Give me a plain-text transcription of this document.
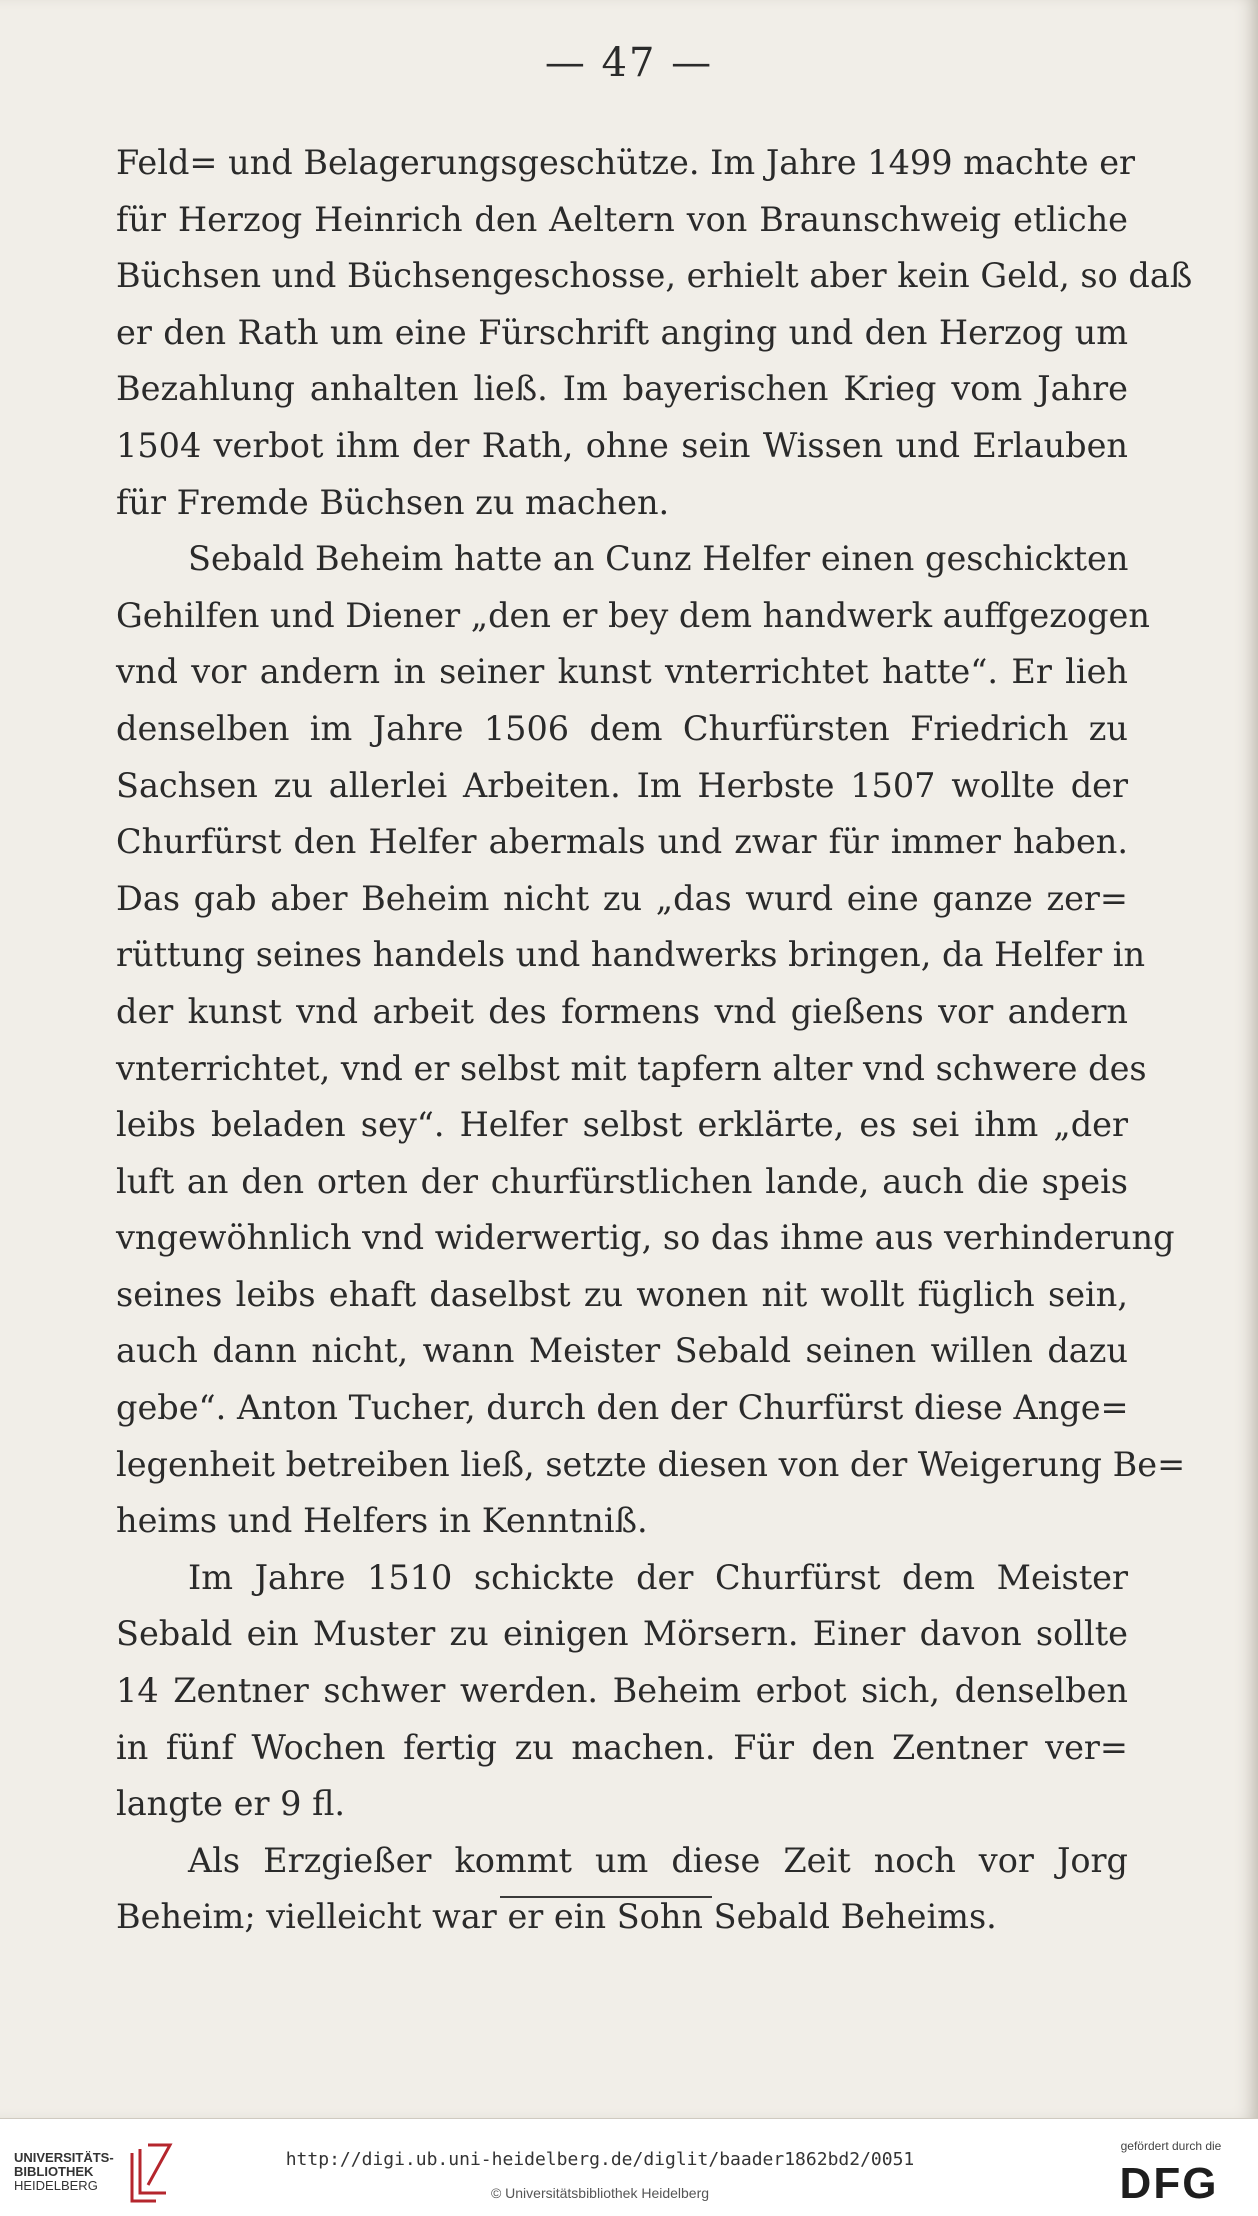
— 47 —
Feld= und Belagerungsgeschütze. Im Jahre 1499 machte er
für Herzog Heinrich den Aeltern von Braunschweig etliche
Büchsen und Büchsengeschosse, erhielt aber kein Geld, so daß
er den Rath um eine Fürschrift anging und den Herzog um
Bezahlung anhalten ließ. Im bayerischen Krieg vom Jahre
1504 verbot ihm der Rath, ohne sein Wissen und Erlauben
für Fremde Büchsen zu machen.
Sebald Beheim hatte an Cunz Helfer einen geschickten
Gehilfen und Diener „den er bey dem handwerk auffgezogen
vnd vor andern in seiner kunst vnterrichtet hatte“. Er lieh
denselben im Jahre 1506 dem Churfürsten Friedrich zu
Sachsen zu allerlei Arbeiten. Im Herbste 1507 wollte der
Churfürst den Helfer abermals und zwar für immer haben.
Das gab aber Beheim nicht zu „das wurd eine ganze zer=
rüttung seines handels und handwerks bringen, da Helfer in
der kunst vnd arbeit des formens vnd gießens vor andern
vnterrichtet, vnd er selbst mit tapfern alter vnd schwere des
leibs beladen sey“. Helfer selbst erklärte, es sei ihm „der
luft an den orten der churfürstlichen lande, auch die speis
vngewöhnlich vnd widerwertig, so das ihme aus verhinderung
seines leibs ehaft daselbst zu wonen nit wollt füglich sein,
auch dann nicht, wann Meister Sebald seinen willen dazu
gebe“. Anton Tucher, durch den der Churfürst diese Ange=
legenheit betreiben ließ, setzte diesen von der Weigerung Be=
heims und Helfers in Kenntniß.
Im Jahre 1510 schickte der Churfürst dem Meister
Sebald ein Muster zu einigen Mörsern. Einer davon sollte
14 Zentner schwer werden. Beheim erbot sich, denselben
in fünf Wochen fertig zu machen. Für den Zentner ver=
langte er 9 fl.
Als Erzgießer kommt um diese Zeit noch vor Jorg
Beheim; vielleicht war er ein Sohn Sebald Beheims.
UNIVERSITÄTS-
BIBLIOTHEK
HEIDELBERG
http://digi.ub.uni-heidelberg.de/diglit/baader1862bd2/0051
© Universitätsbibliothek Heidelberg
gefördert durch die
DFG
